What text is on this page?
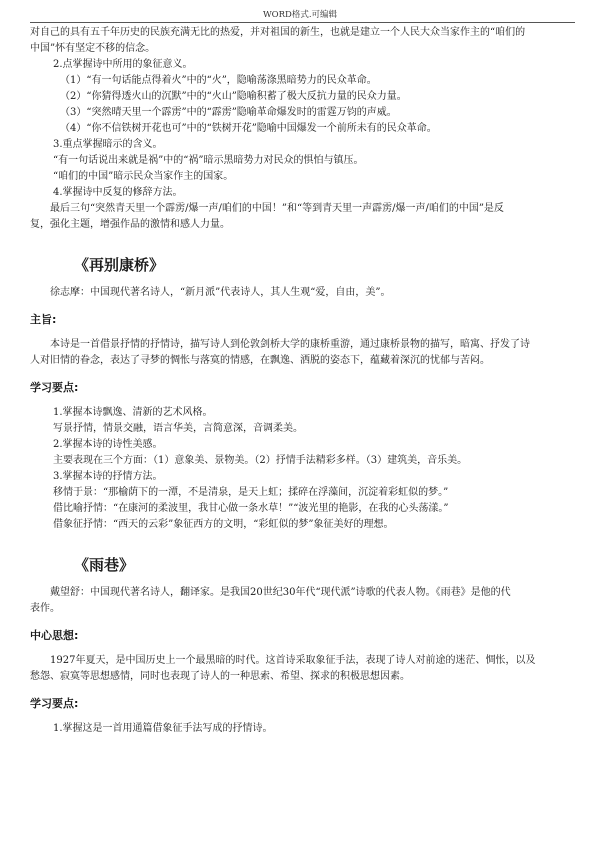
WORD格式.可编辑

对自己的具有五千年历史的民族充满无比的热爱，并对祖国的新生，也就是建立一个人民大众当家作主的“咱们的

中国”怀有坚定不移的信念。

2.点掌握诗中所用的象征意义。

（1）“有一句话能点得着火”中的“火”，隐喻荡涤黑暗势力的民众革命。

（2）“你猜得透火山的沉默”中的“火山”隐喻积蓄了极大反抗力量的民众力量。

（3）“突然晴天里一个霹雳”中的“霹雳”隐喻革命爆发时的雷霆万钧的声威。

（4）“你不信铁树开花也可”中的“铁树开花”隐喻中国爆发一个前所未有的民众革命。

3.重点掌握暗示的含义。

“有一句话说出来就是祸”中的“祸”暗示黑暗势力对民众的惧怕与镇压。

“咱们的中国”暗示民众当家作主的国家。

4.掌握诗中反复的修辞方法。

最后三句“突然青天里一个霹雳/爆一声/咱们的中国！”和“等到青天里一声霹雳/爆一声/咱们的中国”是反

复，强化主题，增强作品的激情和感人力量。

《再别康桥》

徐志摩：中国现代著名诗人，“新月派”代表诗人，其人生观“爱，自由，美”。

主旨:

本诗是一首借景抒情的抒情诗，描写诗人到伦敦剑桥大学的康桥重游，通过康桥景物的描写，暗寓、抒发了诗

人对旧情的眷念，表达了寻梦的惆怅与落寞的情感，在飘逸、洒脱的姿态下，蕴藏着深沉的忧郁与苦闷。

学习要点:

1.掌握本诗飘逸、清新的艺术风格。

写景抒情，情景交融，语言华美，言简意深，音调柔美。

2.掌握本诗的诗性美感。

主要表现在三个方面：（1）意象美、景物美。（2）抒情手法精彩多样。（3）建筑美，音乐美。

3.掌握本诗的抒情方法。

移情于景：“那榆荫下的一潭，不是清泉，是天上虹；揉碎在浮藻间，沉淀着彩虹似的梦。”

借比喻抒情：“在康河的柔波里，我甘心做一条水草！”“波光里的艳影，在我的心头荡漾。”

借象征抒情：“西天的云彩”象征西方的文明，“彩虹似的梦”象征美好的理想。

《雨巷》

戴望舒：中国现代著名诗人，翻译家。是我国20世纪30年代“现代派”诗歌的代表人物。《雨巷》是他的代

表作。

中心思想:

1927年夏天，是中国历史上一个最黑暗的时代。这首诗采取象征手法，表现了诗人对前途的迷茫、惆怅，以及

愁怨、寂寞等思想感情，同时也表现了诗人的一种思索、希望、探求的积极思想因素。

学习要点:

1.掌握这是一首用通篇借象征手法写成的抒情诗。
